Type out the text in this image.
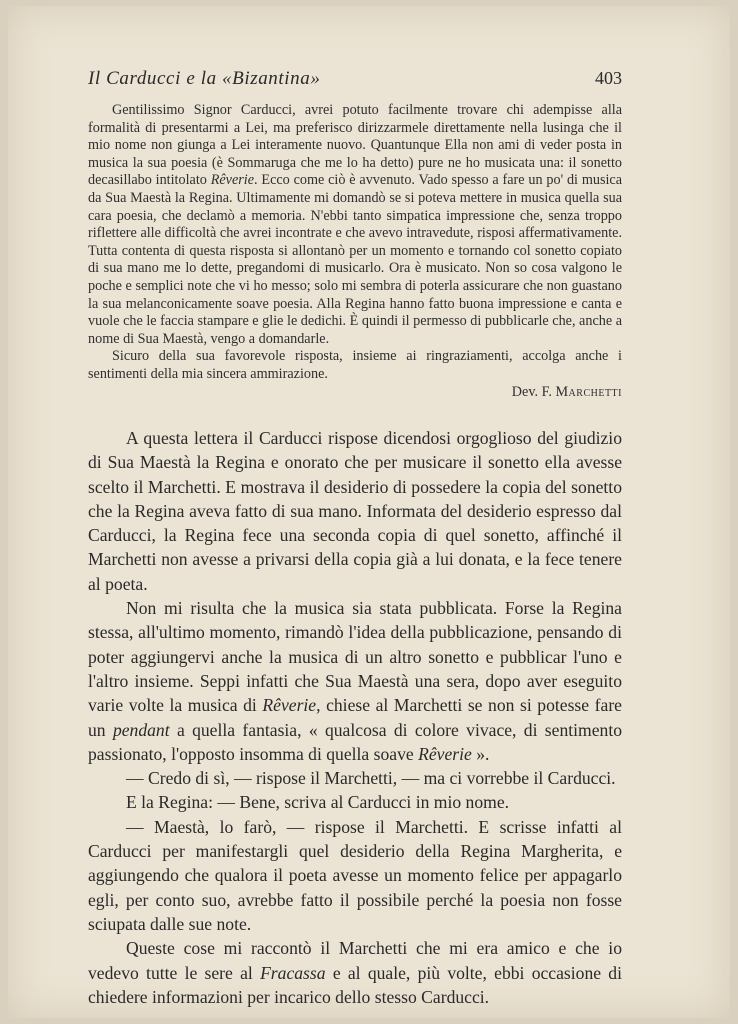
Il Carducci e la «Bizantina»	403

Gentilissimo Signor Carducci, avrei potuto facilmente trovare chi adempisse alla formalità di presentarmi a Lei, ma preferisco dirizzarmele direttamente nella lusinga che il mio nome non giunga a Lei interamente nuovo. Quantunque Ella non ami di veder posta in musica la sua poesia (è Sommaruga che me lo ha detto) pure ne ho musicata una: il sonetto decasillabo intitolato Rêverie. Ecco come ciò è avvenuto. Vado spesso a fare un po' di musica da Sua Maestà la Regina. Ultimamente mi domandò se si poteva mettere in musica quella sua cara poesia, che declamò a memoria. N'ebbi tanto simpatica impressione che, senza troppo riflettere alle difficoltà che avrei incontrate e che avevo intravedute, risposi affermativamente. Tutta contenta di questa risposta si allontanò per un momento e tornando col sonetto copiato di sua mano me lo dette, pregandomi di musicarlo. Ora è musicato. Non so cosa valgono le poche e semplici note che vi ho messo; solo mi sembra di poterla assicurare che non guastano la sua melanconicamente soave poesia. Alla Regina hanno fatto buona impressione e canta e vuole che le faccia stampare e glie le dedichi. È quindi il permesso di pubblicarle che, anche a nome di Sua Maestà, vengo a domandarle.

Sicuro della sua favorevole risposta, insieme ai ringraziamenti, accolga anche i sentimenti della mia sincera ammirazione.

Dev. F. Marchetti

A questa lettera il Carducci rispose dicendosi orgoglioso del giudizio di Sua Maestà la Regina e onorato che per musicare il sonetto ella avesse scelto il Marchetti. E mostrava il desiderio di possedere la copia del sonetto che la Regina aveva fatto di sua mano. Informata del desiderio espresso dal Carducci, la Regina fece una seconda copia di quel sonetto, affinché il Marchetti non avesse a privarsi della copia già a lui donata, e la fece tenere al poeta.

Non mi risulta che la musica sia stata pubblicata. Forse la Regina stessa, all'ultimo momento, rimandò l'idea della pubblicazione, pensando di poter aggiungervi anche la musica di un altro sonetto e pubblicar l'uno e l'altro insieme. Seppi infatti che Sua Maestà una sera, dopo aver eseguito varie volte la musica di Rêverie, chiese al Marchetti se non si potesse fare un pendant a quella fantasia, « qualcosa di colore vivace, di sentimento passionato, l'opposto insomma di quella soave Rêverie ».

— Credo di sì, — rispose il Marchetti, — ma ci vorrebbe il Carducci.

E la Regina: — Bene, scriva al Carducci in mio nome.

— Maestà, lo farò, — rispose il Marchetti. E scrisse infatti al Carducci per manifestargli quel desiderio della Regina Margherita, e aggiungendo che qualora il poeta avesse un momento felice per appagarlo egli, per conto suo, avrebbe fatto il possibile perché la poesia non fosse sciupata dalle sue note.

Queste cose mi raccontò il Marchetti che mi era amico e che io vedevo tutte le sere al Fracassa e al quale, più volte, ebbi occasione di chiedere informazioni per incarico dello stesso Carducci.
